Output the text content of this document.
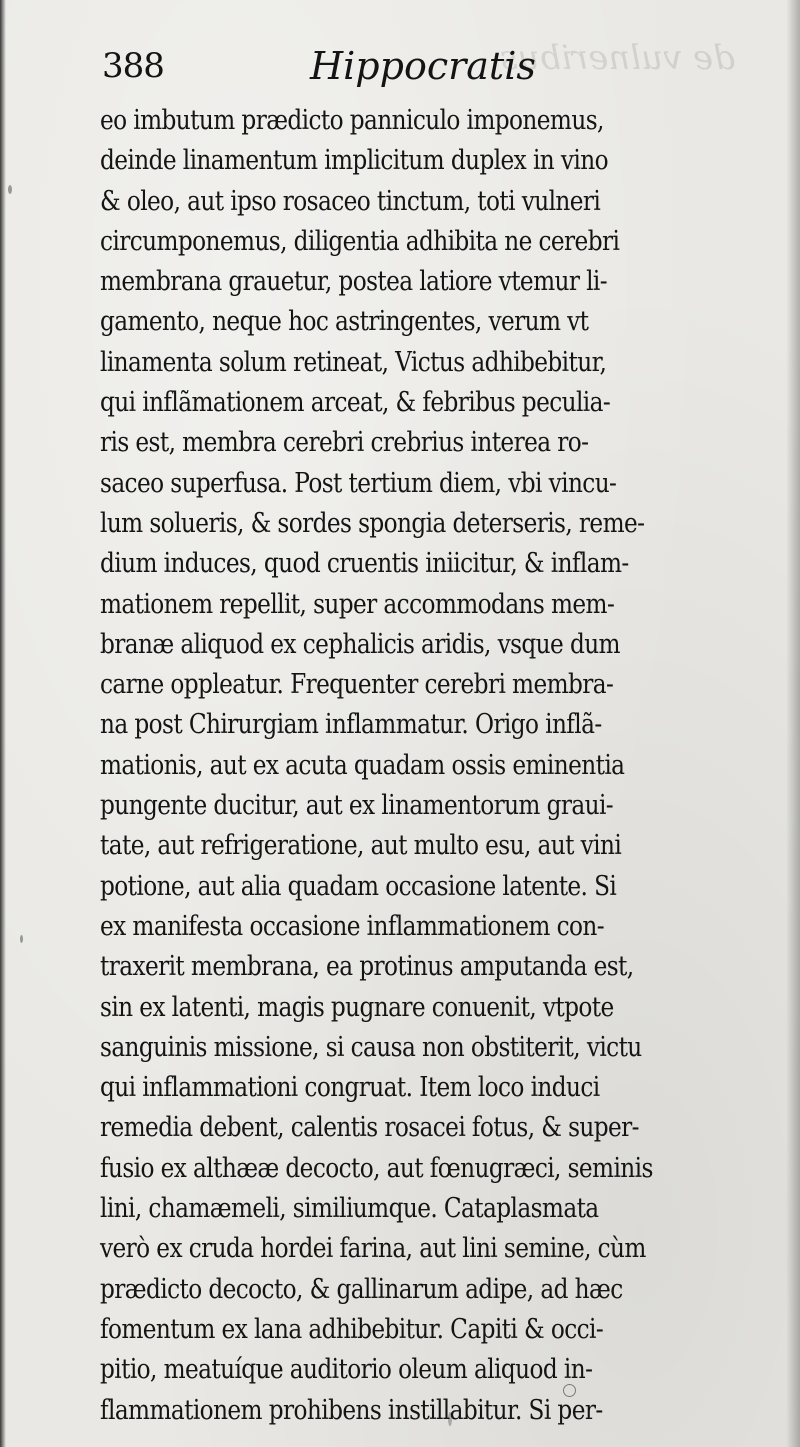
de vulneribus
388	Hippocratis
eo imbutum prædicto panniculo imponemus,
deinde linamentum implicitum duplex in vino
& oleo, aut ipso rosaceo tinctum, toti vulneri
circumponemus, diligentia adhibita ne cerebri
membrana grauetur, postea latiore vtemur li-
gamento, neque hoc astringentes, verum vt
linamenta solum retineat, Victus adhibebitur,
qui inflãmationem arceat, & febribus peculia-
ris est, membra cerebri crebrius interea ro-
saceo superfusa. Post tertium diem, vbi vincu-
lum solueris, & sordes spongia deterseris, reme-
dium induces, quod cruentis iniicitur, & inflam-
mationem repellit, super accommodans mem-
branæ aliquod ex cephalicis aridis, vsque dum
carne oppleatur. Frequenter cerebri membra-
na post Chirurgiam inflammatur. Origo inflã-
mationis, aut ex acuta quadam ossis eminentia
pungente ducitur, aut ex linamentorum graui-
tate, aut refrigeratione, aut multo esu, aut vini
potione, aut alia quadam occasione latente. Si
ex manifesta occasione inflammationem con-
traxerit membrana, ea protinus amputanda est,
sin ex latenti, magis pugnare conuenit, vtpote
sanguinis missione, si causa non obstiterit, victu
qui inflammationi congruat. Item loco induci
remedia debent, calentis rosacei fotus, & super-
fusio ex althææ decocto, aut fœnugræci, seminis
lini, chamæmeli, similiumque. Cataplasmata
verò ex cruda hordei farina, aut lini semine, cùm
prædicto decocto, & gallinarum adipe, ad hæc
fomentum ex lana adhibebitur. Capiti & occi-
pitio, meatuíque auditorio oleum aliquod in-
flammationem prohibens instillabitur. Si per-
